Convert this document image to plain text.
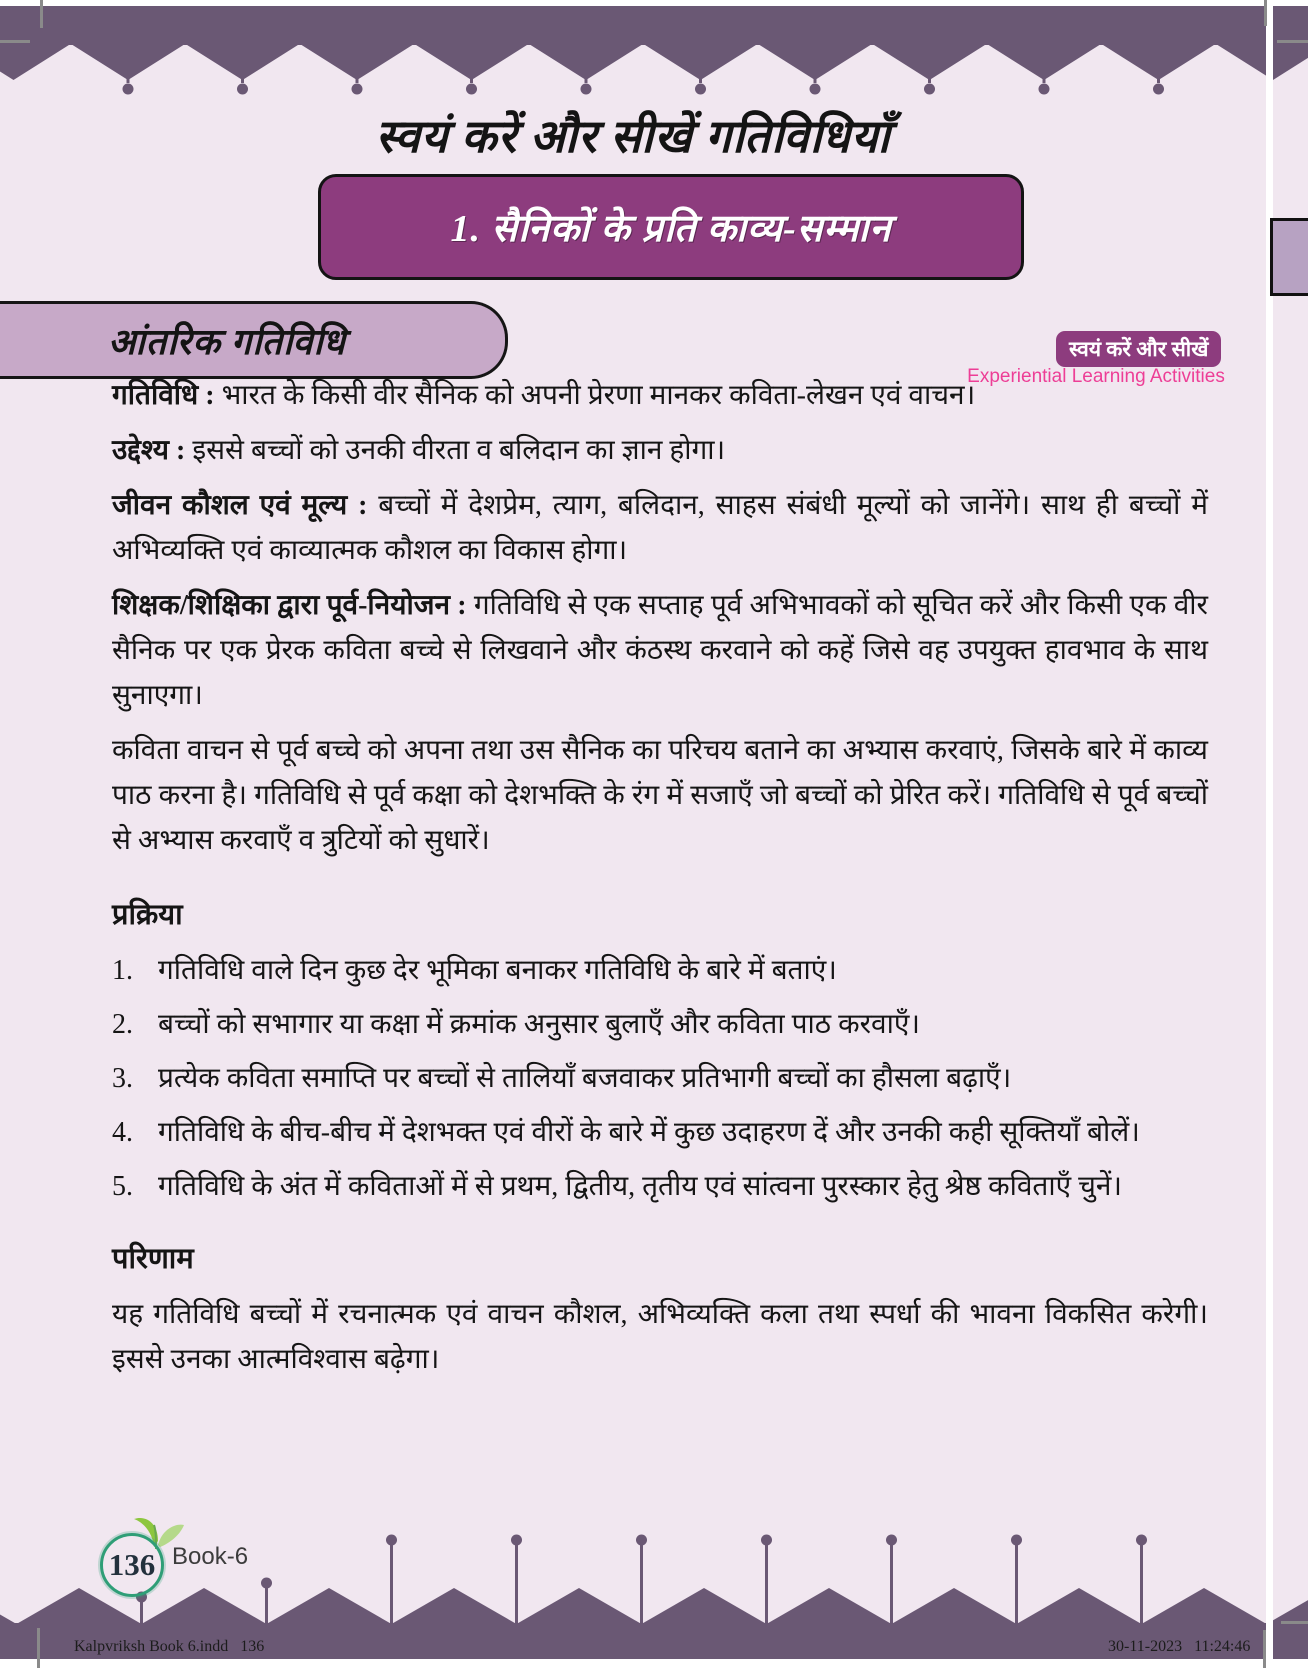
स्वयं करें और सीखें गतिविधियाँ
1. सैनिकों के प्रति काव्य-सम्मान
आंतरिक गतिविधि	स्वयं करें और सीखें
Experiential Learning Activities

गतिविधि : भारत के किसी वीर सैनिक को अपनी प्रेरणा मानकर कविता-लेखन एवं वाचन।

उद्देश्य : इससे बच्चों को उनकी वीरता व बलिदान का ज्ञान होगा।

जीवन कौशल एवं मूल्य : बच्चों में देशप्रेम, त्याग, बलिदान, साहस संबंधी मूल्यों को जानेंगे। साथ ही बच्चों में अभिव्यक्ति एवं काव्यात्मक कौशल का विकास होगा।

शिक्षक/शिक्षिका द्वारा पूर्व-नियोजन : गतिविधि से एक सप्ताह पूर्व अभिभावकों को सूचित करें और किसी एक वीर सैनिक पर एक प्रेरक कविता बच्चे से लिखवाने और कंठस्थ करवाने को कहें जिसे वह उपयुक्त हावभाव के साथ सुनाएगा।

कविता वाचन से पूर्व बच्चे को अपना तथा उस सैनिक का परिचय बताने का अभ्यास करवाएं, जिसके बारे में काव्य पाठ करना है। गतिविधि से पूर्व कक्षा को देशभक्ति के रंग में सजाएँ जो बच्चों को प्रेरित करें। गतिविधि से पूर्व बच्चों से अभ्यास करवाएँ व त्रुटियों को सुधारें।

प्रक्रिया
1. गतिविधि वाले दिन कुछ देर भूमिका बनाकर गतिविधि के बारे में बताएं।
2. बच्चों को सभागार या कक्षा में क्रमांक अनुसार बुलाएँ और कविता पाठ करवाएँ।
3. प्रत्येक कविता समाप्ति पर बच्चों से तालियाँ बजवाकर प्रतिभागी बच्चों का हौसला बढ़ाएँ।
4. गतिविधि के बीच-बीच में देशभक्त एवं वीरों के बारे में कुछ उदाहरण दें और उनकी कही सूक्तियाँ बोलें।
5. गतिविधि के अंत में कविताओं में से प्रथम, द्वितीय, तृतीय एवं सांत्वना पुरस्कार हेतु श्रेष्ठ कविताएँ चुनें।
परिणाम

यह गतिविधि बच्चों में रचनात्मक एवं वाचन कौशल, अभिव्यक्ति कला तथा स्पर्धा की भावना विकसित करेगी। इससे उनका आत्मविश्वास बढ़ेगा।

136 Book-6
Kalpvriksh Book 6.indd   136	30-11-2023   11:24:46
